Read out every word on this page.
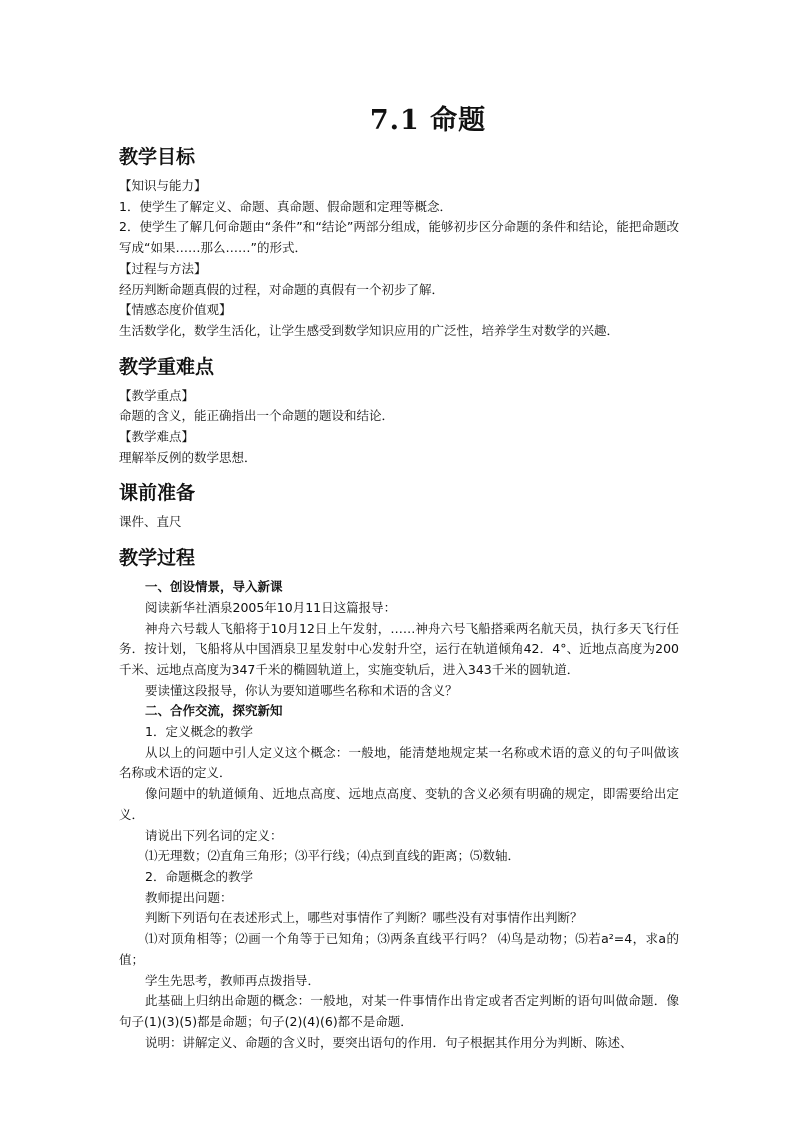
7.1 命题
教学目标

【知识与能力】

1．使学生了解定义、命题、真命题、假命题和定理等概念．

2．使学生了解几何命题由“条件”和“结论”两部分组成，能够初步区分命题的条件和结论，能把命题改写成“如果……那么……”的形式．

【过程与方法】

经历判断命题真假的过程，对命题的真假有一个初步了解．

【情感态度价值观】

生活数学化，数学生活化，让学生感受到数学知识应用的广泛性，培养学生对数学的兴趣．

教学重难点

【教学重点】

命题的含义，能正确指出一个命题的题设和结论．

【教学难点】

理解举反例的数学思想．

课前准备

课件、直尺

教学过程

一、创设情景，导入新课

阅读新华社酒泉2005年10月11日这篇报导：

神舟六号载人飞船将于10月12日上午发射，……神舟六号飞船搭乘两名航天员，执行多天飞行任务．按计划，飞船将从中国酒泉卫星发射中心发射升空，运行在轨道倾角42．4°、近地点高度为200千米、远地点高度为347千米的椭圆轨道上，实施变轨后，进入343千米的圆轨道．

要读懂这段报导，你认为要知道哪些名称和术语的含义？

二、合作交流，探究新知

1．定义概念的教学

从以上的问题中引人定义这个概念：一般地，能清楚地规定某一名称或术语的意义的句子叫做该名称或术语的定义．

像问题中的轨道倾角、近地点高度、远地点高度、变轨的含义必须有明确的规定，即需要给出定义．

请说出下列名词的定义：

⑴无理数；⑵直角三角形；⑶平行线；⑷点到直线的距离；⑸数轴．

2．命题概念的教学

教师提出问题：

判断下列语句在表述形式上，哪些对事情作了判断？哪些没有对事情作出判断？

⑴对顶角相等；⑵画一个角等于已知角；⑶两条直线平行吗？ ⑷鸟是动物；⑸若a²=4，求a的值；

学生先思考，教师再点拨指导．

此基础上归纳出命题的概念：一般地，对某一件事情作出肯定或者否定判断的语句叫做命题．像句子(1)(3)(5)都是命题；句子(2)(4)(6)都不是命题．

说明：讲解定义、命题的含义时，要突出语句的作用．句子根据其作用分为判断、陈述、
